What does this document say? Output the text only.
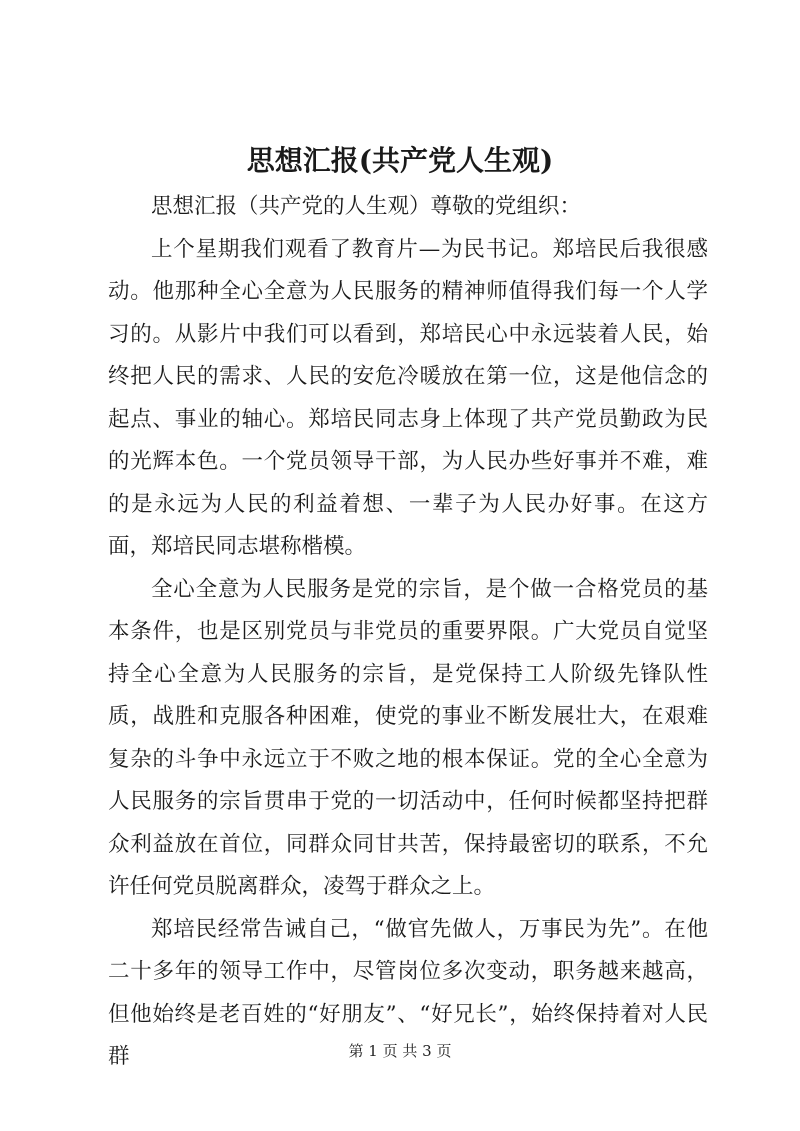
思想汇报(共产党人生观)

思想汇报（共产党的人生观）尊敬的党组织：

上个星期我们观看了教育片—为民书记。郑培民后我很感动。他那种全心全意为人民服务的精神师值得我们每一个人学习的。从影片中我们可以看到，郑培民心中永远装着人民，始终把人民的需求、人民的安危冷暖放在第一位，这是他信念的起点、事业的轴心。郑培民同志身上体现了共产党员勤政为民的光辉本色。一个党员领导干部，为人民办些好事并不难，难的是永远为人民的利益着想、一辈子为人民办好事。在这方面，郑培民同志堪称楷模。

全心全意为人民服务是党的宗旨，是个做一合格党员的基本条件，也是区别党员与非党员的重要界限。广大党员自觉坚持全心全意为人民服务的宗旨，是党保持工人阶级先锋队性质，战胜和克服各种困难，使党的事业不断发展壮大，在艰难复杂的斗争中永远立于不败之地的根本保证。党的全心全意为人民服务的宗旨贯串于党的一切活动中，任何时候都坚持把群众利益放在首位，同群众同甘共苦，保持最密切的联系，不允许任何党员脱离群众，凌驾于群众之上。

郑培民经常告诫自己，“做官先做人，万事民为先”。在他二十多年的领导工作中，尽管岗位多次变动，职务越来越高，但他始终是老百姓的“好朋友”、“好兄长”，始终保持着对人民群	第 1 页 共 3 页
